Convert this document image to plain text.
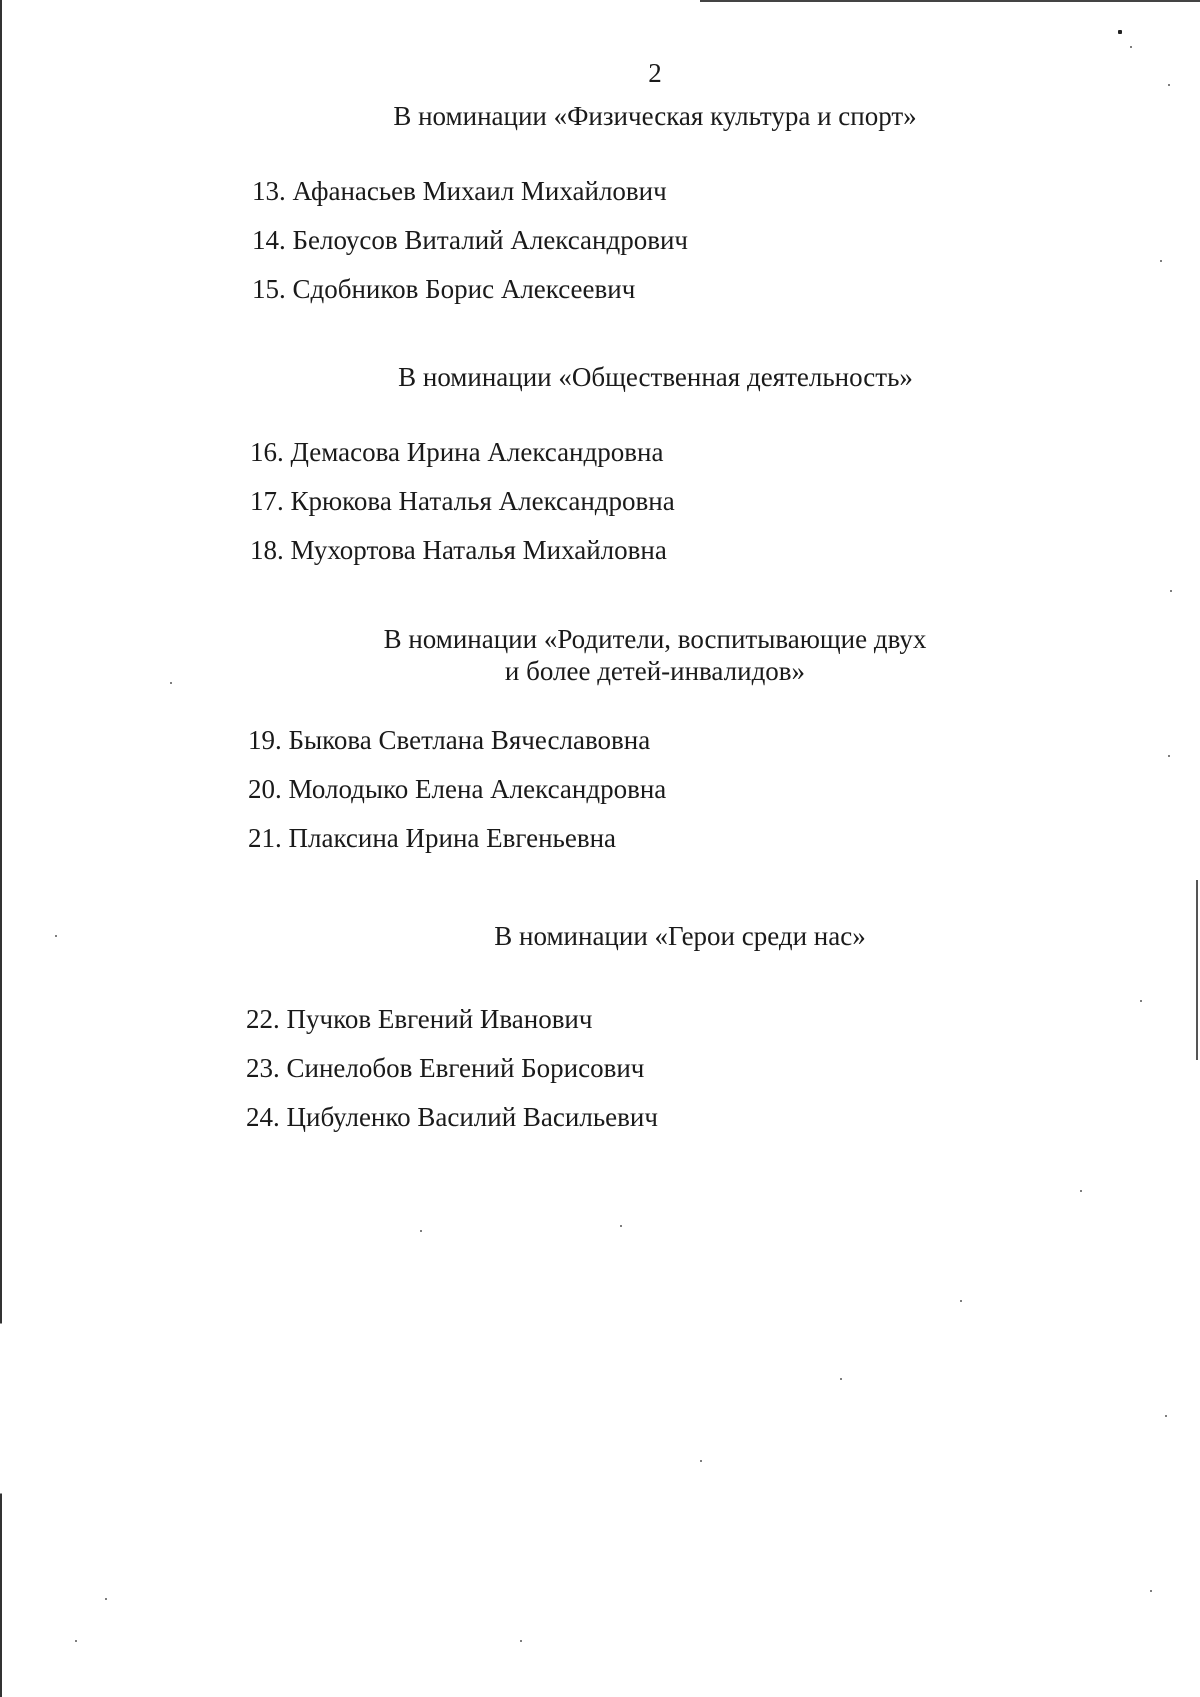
2
В номинации «Физическая культура и спорт»
13. Афанасьев Михаил Михайлович
14. Белоусов Виталий Александрович
15. Сдобников Борис Алексеевич
В номинации «Общественная деятельность»
16. Демасова Ирина Александровна
17. Крюкова Наталья Александровна
18. Мухортова Наталья Михайловна
В номинации «Родители, воспитывающие двух
и более детей-инвалидов»
19. Быкова Светлана Вячеславовна
20. Молодыко Елена Александровна
21. Плаксина Ирина Евгеньевна
В номинации «Герои среди нас»
22. Пучков Евгений Иванович
23. Синелобов Евгений Борисович
24. Цибуленко Василий Васильевич
